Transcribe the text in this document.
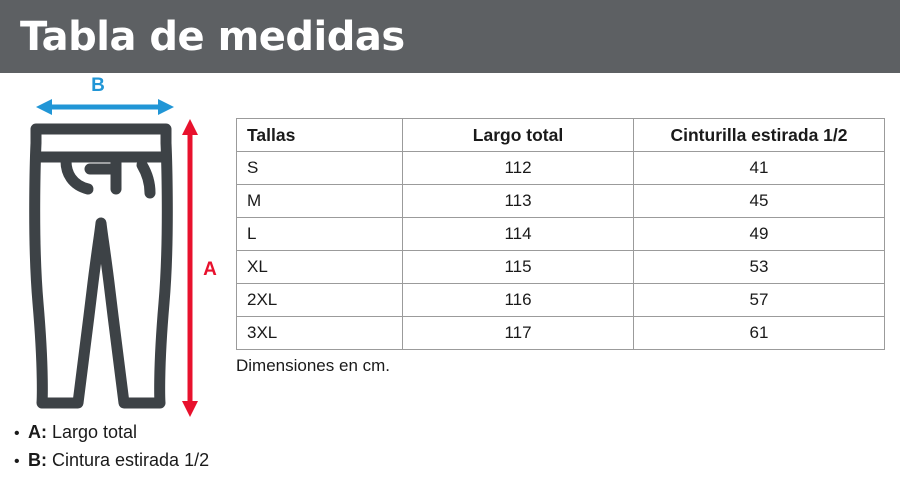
Tabla de medidas
B
A
Tallas	Largo total	Cinturilla estirada 1/2
S	112	41
M	113	45
L	114	49
XL	115	53
2XL	116	57
3XL	117	61
Dimensiones en cm.
• A: Largo total
• B: Cintura estirada 1/2
